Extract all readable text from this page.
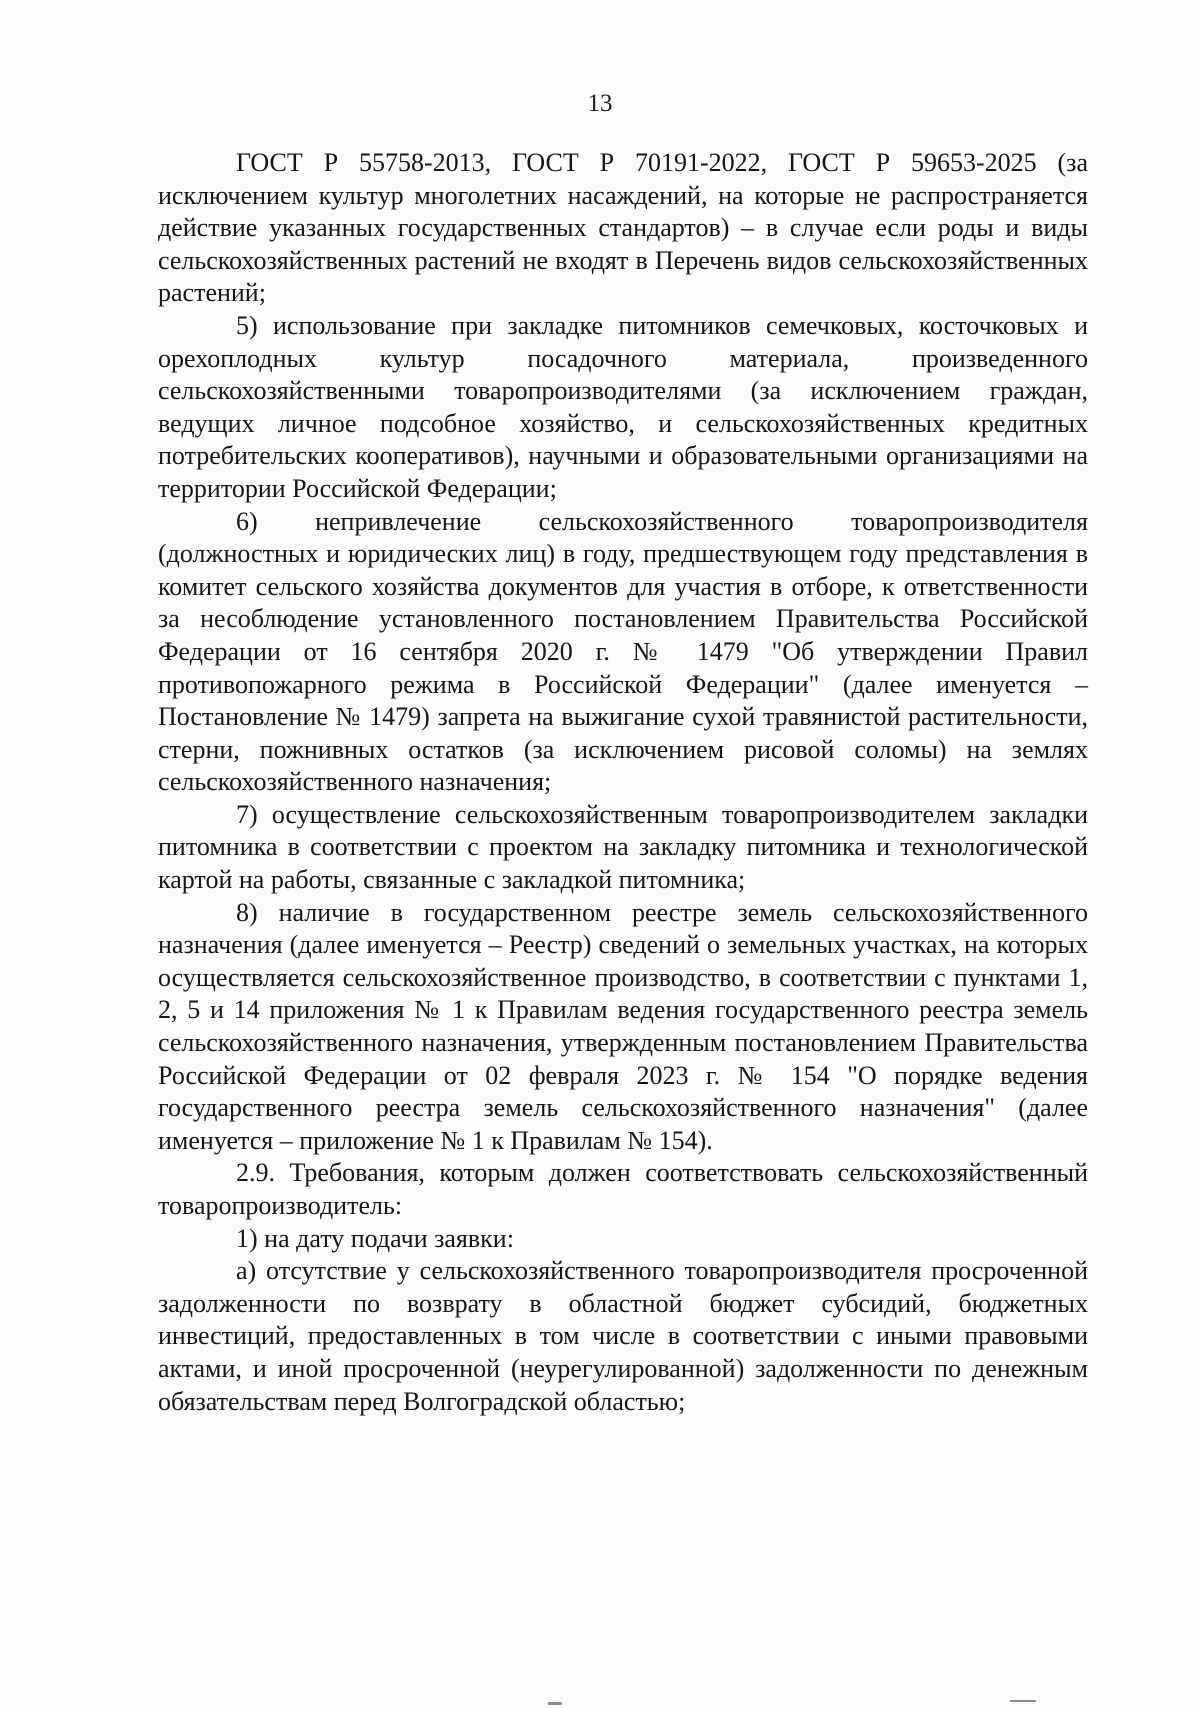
13

ГОСТ Р 55758-2013, ГОСТ Р 70191-2022, ГОСТ Р 59653-2025 (за исключением культур многолетних насаждений, на которые не распространяется действие указанных государственных стандартов) – в случае если роды и виды сельскохозяйственных растений не входят в Перечень видов сельскохозяйственных растений;

5) использование при закладке питомников семечковых, косточковых и орехоплодных культур посадочного материала, произведенного сельскохозяйственными товаропроизводителями (за исключением граждан, ведущих личное подсобное хозяйство, и сельскохозяйственных кредитных потребительских кооперативов), научными и образовательными организациями на территории Российской Федерации;

6) непривлечение сельскохозяйственного товаропроизводителя (должностных и юридических лиц) в году, предшествующем году представления в комитет сельского хозяйства документов для участия в отборе, к ответственности за несоблюдение установленного постановлением Правительства Российской Федерации от 16 сентября 2020 г. № 1479 "Об утверждении Правил противопожарного режима в Российской Федерации" (далее именуется – Постановление № 1479) запрета на выжигание сухой травянистой растительности, стерни, пожнивных остатков (за исключением рисовой соломы) на землях сельскохозяйственного назначения;

7) осуществление сельскохозяйственным товаропроизводителем закладки питомника в соответствии с проектом на закладку питомника и технологической картой на работы, связанные с закладкой питомника;

8) наличие в государственном реестре земель сельскохозяйственного назначения (далее именуется – Реестр) сведений о земельных участках, на которых осуществляется сельскохозяйственное производство, в соответствии с пунктами 1, 2, 5 и 14 приложения № 1 к Правилам ведения государственного реестра земель сельскохозяйственного назначения, утвержденным постановлением Правительства Российской Федерации от 02 февраля 2023 г. № 154 "О порядке ведения государственного реестра земель сельскохозяйственного назначения" (далее именуется – приложение № 1 к Правилам № 154).

2.9. Требования, которым должен соответствовать сельскохозяйственный товаропроизводитель:

1) на дату подачи заявки:

а) отсутствие у сельскохозяйственного товаропроизводителя просроченной задолженности по возврату в областной бюджет субсидий, бюджетных инвестиций, предоставленных в том числе в соответствии с иными правовыми актами, и иной просроченной (неурегулированной) задолженности по денежным обязательствам перед Волгоградской областью;
